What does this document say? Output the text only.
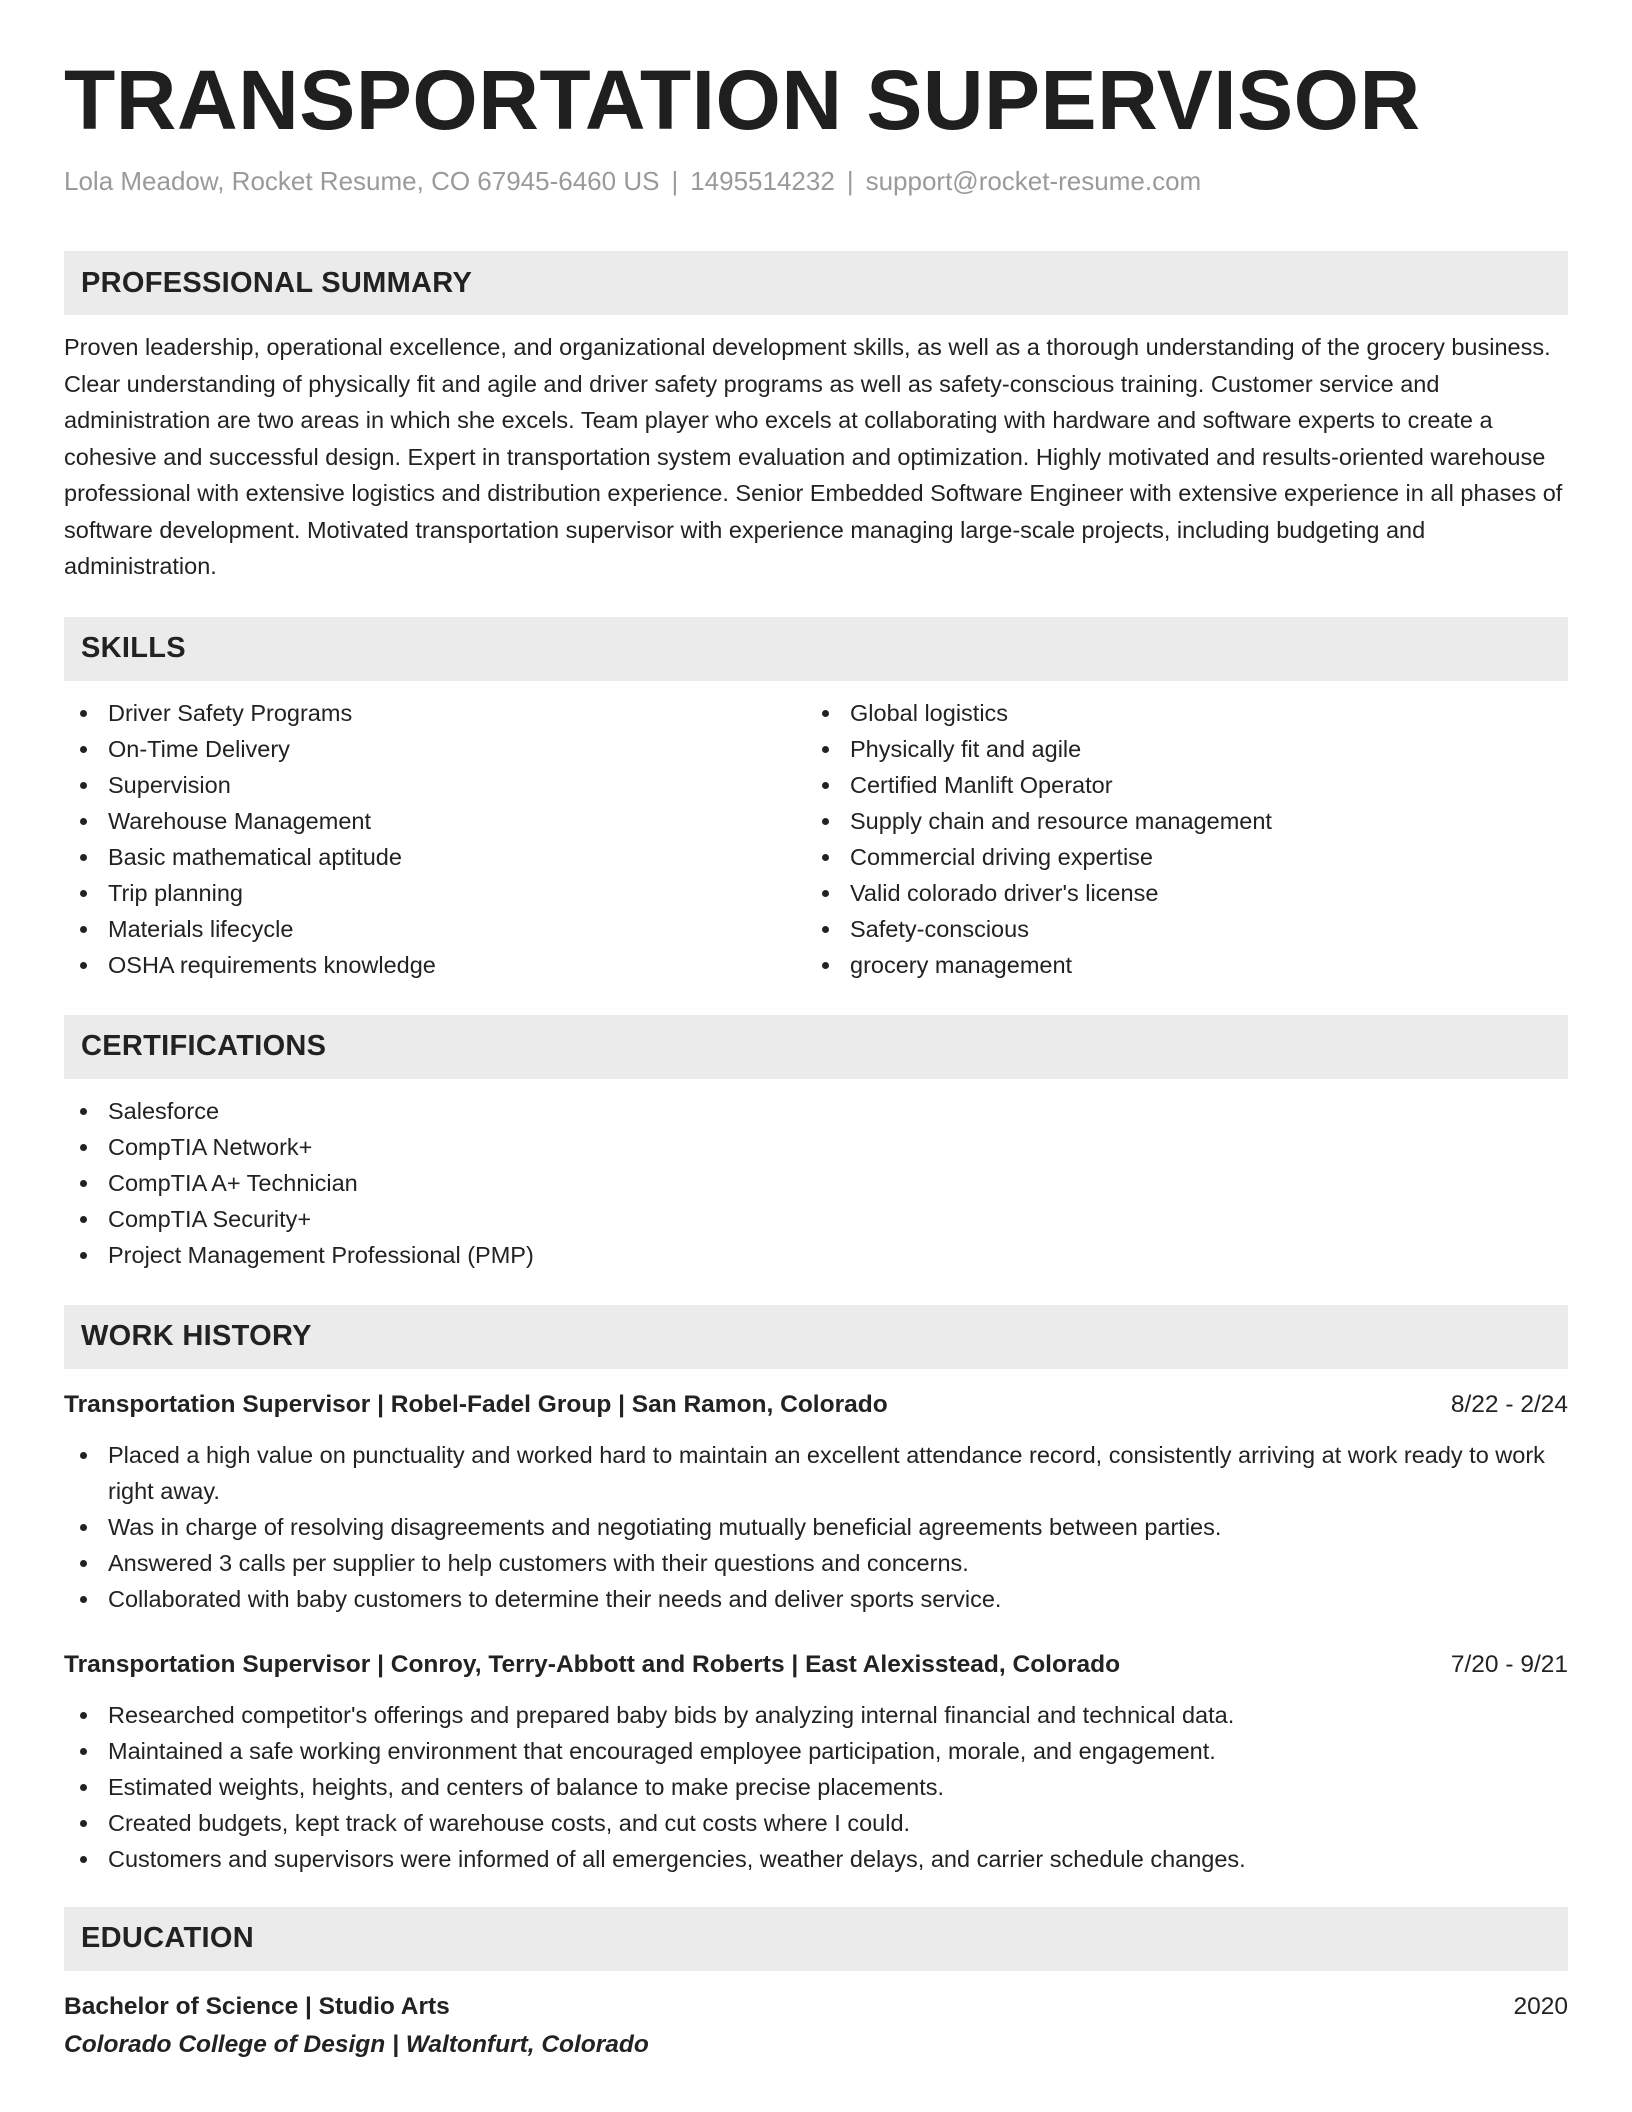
TRANSPORTATION SUPERVISOR
Lola Meadow, Rocket Resume, CO 67945-6460 US | 1495514232 | support@rocket-resume.com
PROFESSIONAL SUMMARY
Proven leadership, operational excellence, and organizational development skills, as well as a thorough understanding of the grocery business. Clear understanding of physically fit and agile and driver safety programs as well as safety-conscious training. Customer service and administration are two areas in which she excels. Team player who excels at collaborating with hardware and software experts to create a cohesive and successful design. Expert in transportation system evaluation and optimization. Highly motivated and results-oriented warehouse professional with extensive logistics and distribution experience. Senior Embedded Software Engineer with extensive experience in all phases of software development. Motivated transportation supervisor with experience managing large-scale projects, including budgeting and administration.
SKILLS
Driver Safety Programs
On-Time Delivery
Supervision
Warehouse Management
Basic mathematical aptitude
Trip planning
Materials lifecycle
OSHA requirements knowledge
Global logistics
Physically fit and agile
Certified Manlift Operator
Supply chain and resource management
Commercial driving expertise
Valid colorado driver's license
Safety-conscious
grocery management
CERTIFICATIONS
Salesforce
CompTIA Network+
CompTIA A+ Technician
CompTIA Security+
Project Management Professional (PMP)
WORK HISTORY
Transportation Supervisor | Robel-Fadel Group | San Ramon, Colorado	8/22 - 2/24
Placed a high value on punctuality and worked hard to maintain an excellent attendance record, consistently arriving at work ready to work right away.
Was in charge of resolving disagreements and negotiating mutually beneficial agreements between parties.
Answered 3 calls per supplier to help customers with their questions and concerns.
Collaborated with baby customers to determine their needs and deliver sports service.
Transportation Supervisor | Conroy, Terry-Abbott and Roberts | East Alexisstead, Colorado	7/20 - 9/21
Researched competitor's offerings and prepared baby bids by analyzing internal financial and technical data.
Maintained a safe working environment that encouraged employee participation, morale, and engagement.
Estimated weights, heights, and centers of balance to make precise placements.
Created budgets, kept track of warehouse costs, and cut costs where I could.
Customers and supervisors were informed of all emergencies, weather delays, and carrier schedule changes.
EDUCATION
Bachelor of Science | Studio Arts	2020
Colorado College of Design | Waltonfurt, Colorado
